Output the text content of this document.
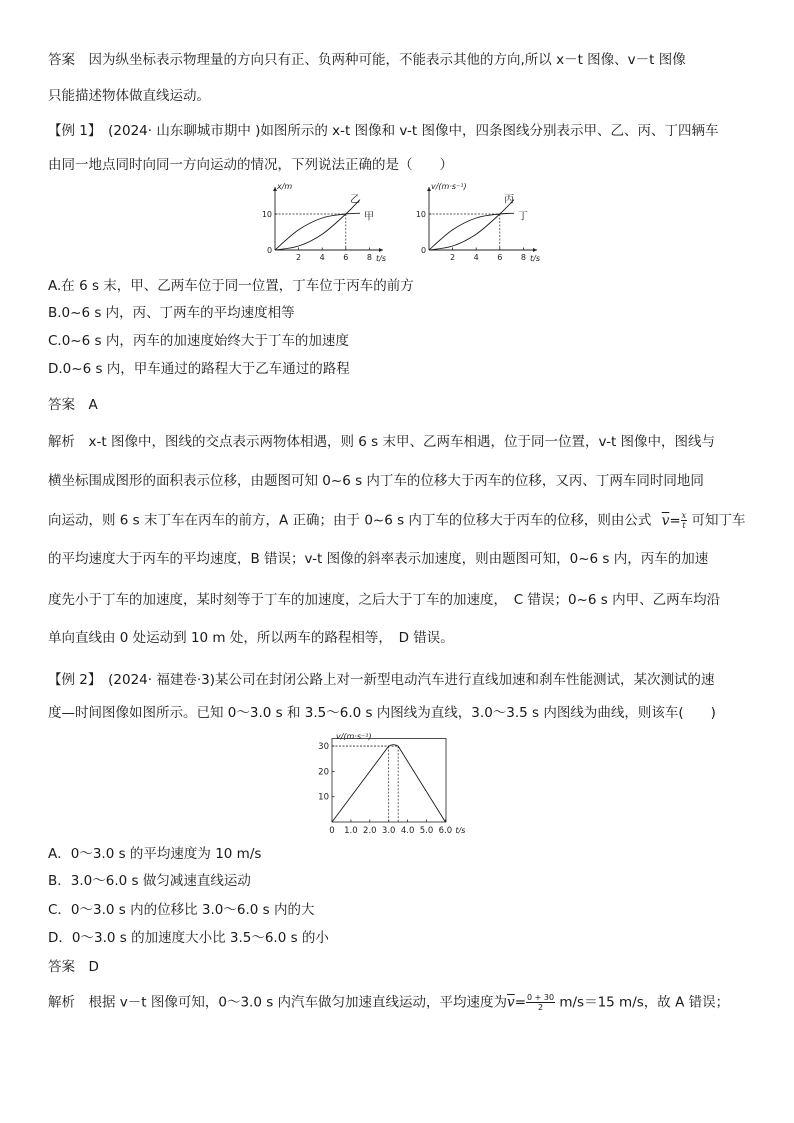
答案　因为纵坐标表示物理量的方向只有正、负两种可能，不能表示其他的方向,所以 x－t 图像、v－t 图像
只能描述物体做直线运动。
【例 1】　(2024· 山东聊城市期中 )如图所示的 x-t 图像和 v-t 图像中，四条图线分别表示甲、乙、丙、丁四辆车
由同一地点同时向同一方向运动的情况，下列说法正确的是（　　）
x/m
t/s
0
2 4 6 8
10
乙
甲
v/(m·s⁻¹)
t/s
0
2 4 6 8
10
丙
丁
A.在 6 s 末，甲、乙两车位于同一位置，丁车位于丙车的前方
B.0~6 s 内，丙、丁两车的平均速度相等
C.0~6 s 内，丙车的加速度始终大于丁车的加速度
D.0~6 s 内，甲车通过的路程大于乙车通过的路程
答案　A
解析　x-t 图像中，图线的交点表示两物体相遇，则 6 s 末甲、乙两车相遇，位于同一位置，v-t 图像中，图线与
横坐标围成图形的面积表示位移，由题图可知 0~6 s 内丁车的位移大于丙车的位移，又丙、丁两车同时同地同
向运动，则 6 s 末丁车在丙车的前方，A 正确；由于 0~6 s 内丁车的位移大于丙车的位移，则由公式 $\overline{v}= \frac{x}{t}$ 可知丁车
的平均速度大于丙车的平均速度，B 错误；v-t 图像的斜率表示加速度，则由题图可知，0~6 s 内，丙车的加速
度先小于丁车的加速度，某时刻等于丁车的加速度，之后大于丁车的加速度，　C 错误；0~6 s 内甲、乙两车均沿
单向直线由 0 处运动到 10 m 处，所以两车的路程相等，　D 错误。
【例 2】　(2024· 福建卷·3)某公司在封闭公路上对一新型电动汽车进行直线加速和刹车性能测试，某次测试的速
度—时间图像如图所示。已知 0～3.0 s 和 3.5～6.0 s 内图线为直线，3.0～3.5 s 内图线为曲线，则该车(　　)
v/(m·s⁻¹)
t/s
0 1.0 2.0 3.0 4.0 5.0 6.0
10
20
30
A．0～3.0 s 的平均速度为 10 m/s
B．3.0～6.0 s 做匀减速直线运动
C．0～3.0 s 内的位移比 3.0～6.0 s 内的大
D．0～3.0 s 的加速度大小比 3.5～6.0 s 的小
答案　D
解析　根据 v－t 图像可知，0～3.0 s 内汽车做匀加速直线运动，平均速度为$\overline{v}= \frac{0 + 30}{2} m/s=15$ m/s，故 A 错误；
